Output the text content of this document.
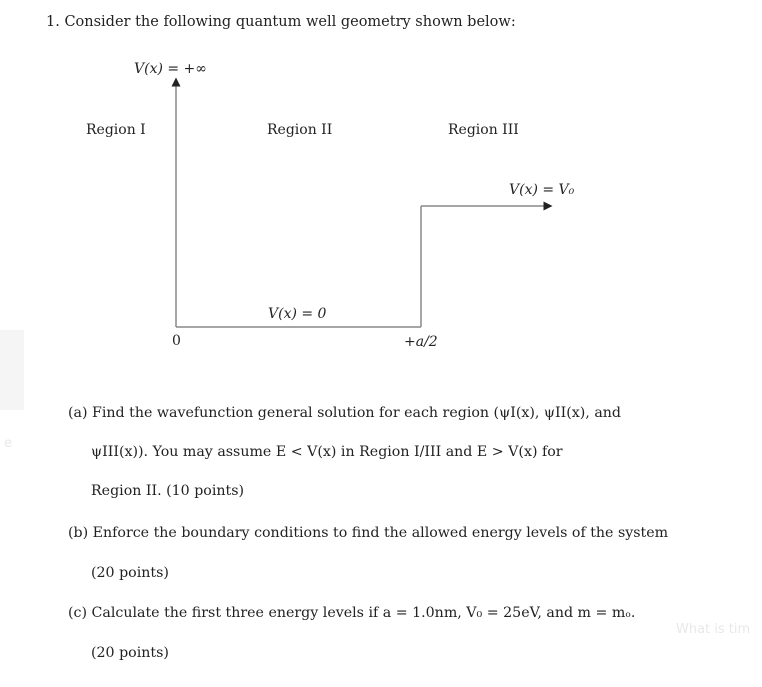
1. Consider the following quantum well geometry shown below:
V(x) = +∞
Region I	Region II	Region III
V(x) = V₀
V(x) = 0
0	+a/2
(a) Find the wavefunction general solution for each region (ψI(x), ψII(x), and
ψIII(x)). You may assume E < V(x) in Region I/III and E > V(x) for
Region II. (10 points)
(b) Enforce the boundary conditions to find the allowed energy levels of the system
(20 points)
(c) Calculate the first three energy levels if a = 1.0nm, V₀ = 25eV, and m = mₒ.
(20 points)
e
What is tim
